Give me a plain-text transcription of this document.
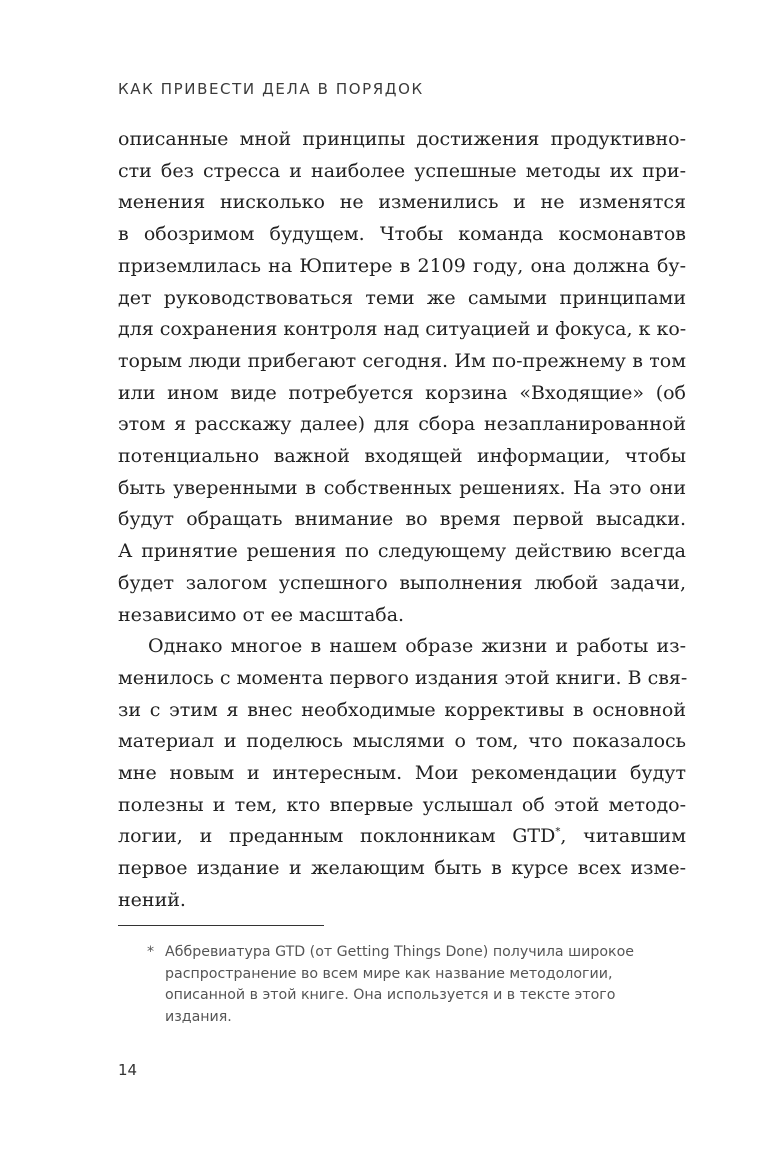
КАК ПРИВЕСТИ ДЕЛА В ПОРЯДОК
описанные мной принципы достижения продуктивно-
сти без стресса и наиболее успешные методы их при-
менения нисколько не изменились и не изменятся
в обозримом будущем. Чтобы команда космонавтов
приземлилась на Юпитере в 2109 году, она должна бу-
дет руководствоваться теми же самыми принципами
для сохранения контроля над ситуацией и фокуса, к ко-
торым люди прибегают сегодня. Им по-прежнему в том
или ином виде потребуется корзина «Входящие» (об
этом я расскажу далее) для сбора незапланированной
потенциально важной входящей информации, чтобы
быть уверенными в собственных решениях. На это они
будут обращать внимание во время первой высадки.
А принятие решения по следующему действию всегда
будет залогом успешного выполнения любой задачи,
независимо от ее масштаба.
Однако многое в нашем образе жизни и работы из-
менилось с момента первого издания этой книги. В свя-
зи с этим я внес необходимые коррективы в основной
материал и поделюсь мыслями о том, что показалось
мне новым и интересным. Мои рекомендации будут
полезны и тем, кто впервые услышал об этой методо-
логии, и преданным поклонникам GTD*, читавшим
первое издание и желающим быть в курсе всех изме-
нений.
* Аббревиатура GTD (от Getting Things Done) получила широкое
распространение во всем мире как название методологии,
описанной в этой книге. Она используется и в тексте этого
издания.
14
